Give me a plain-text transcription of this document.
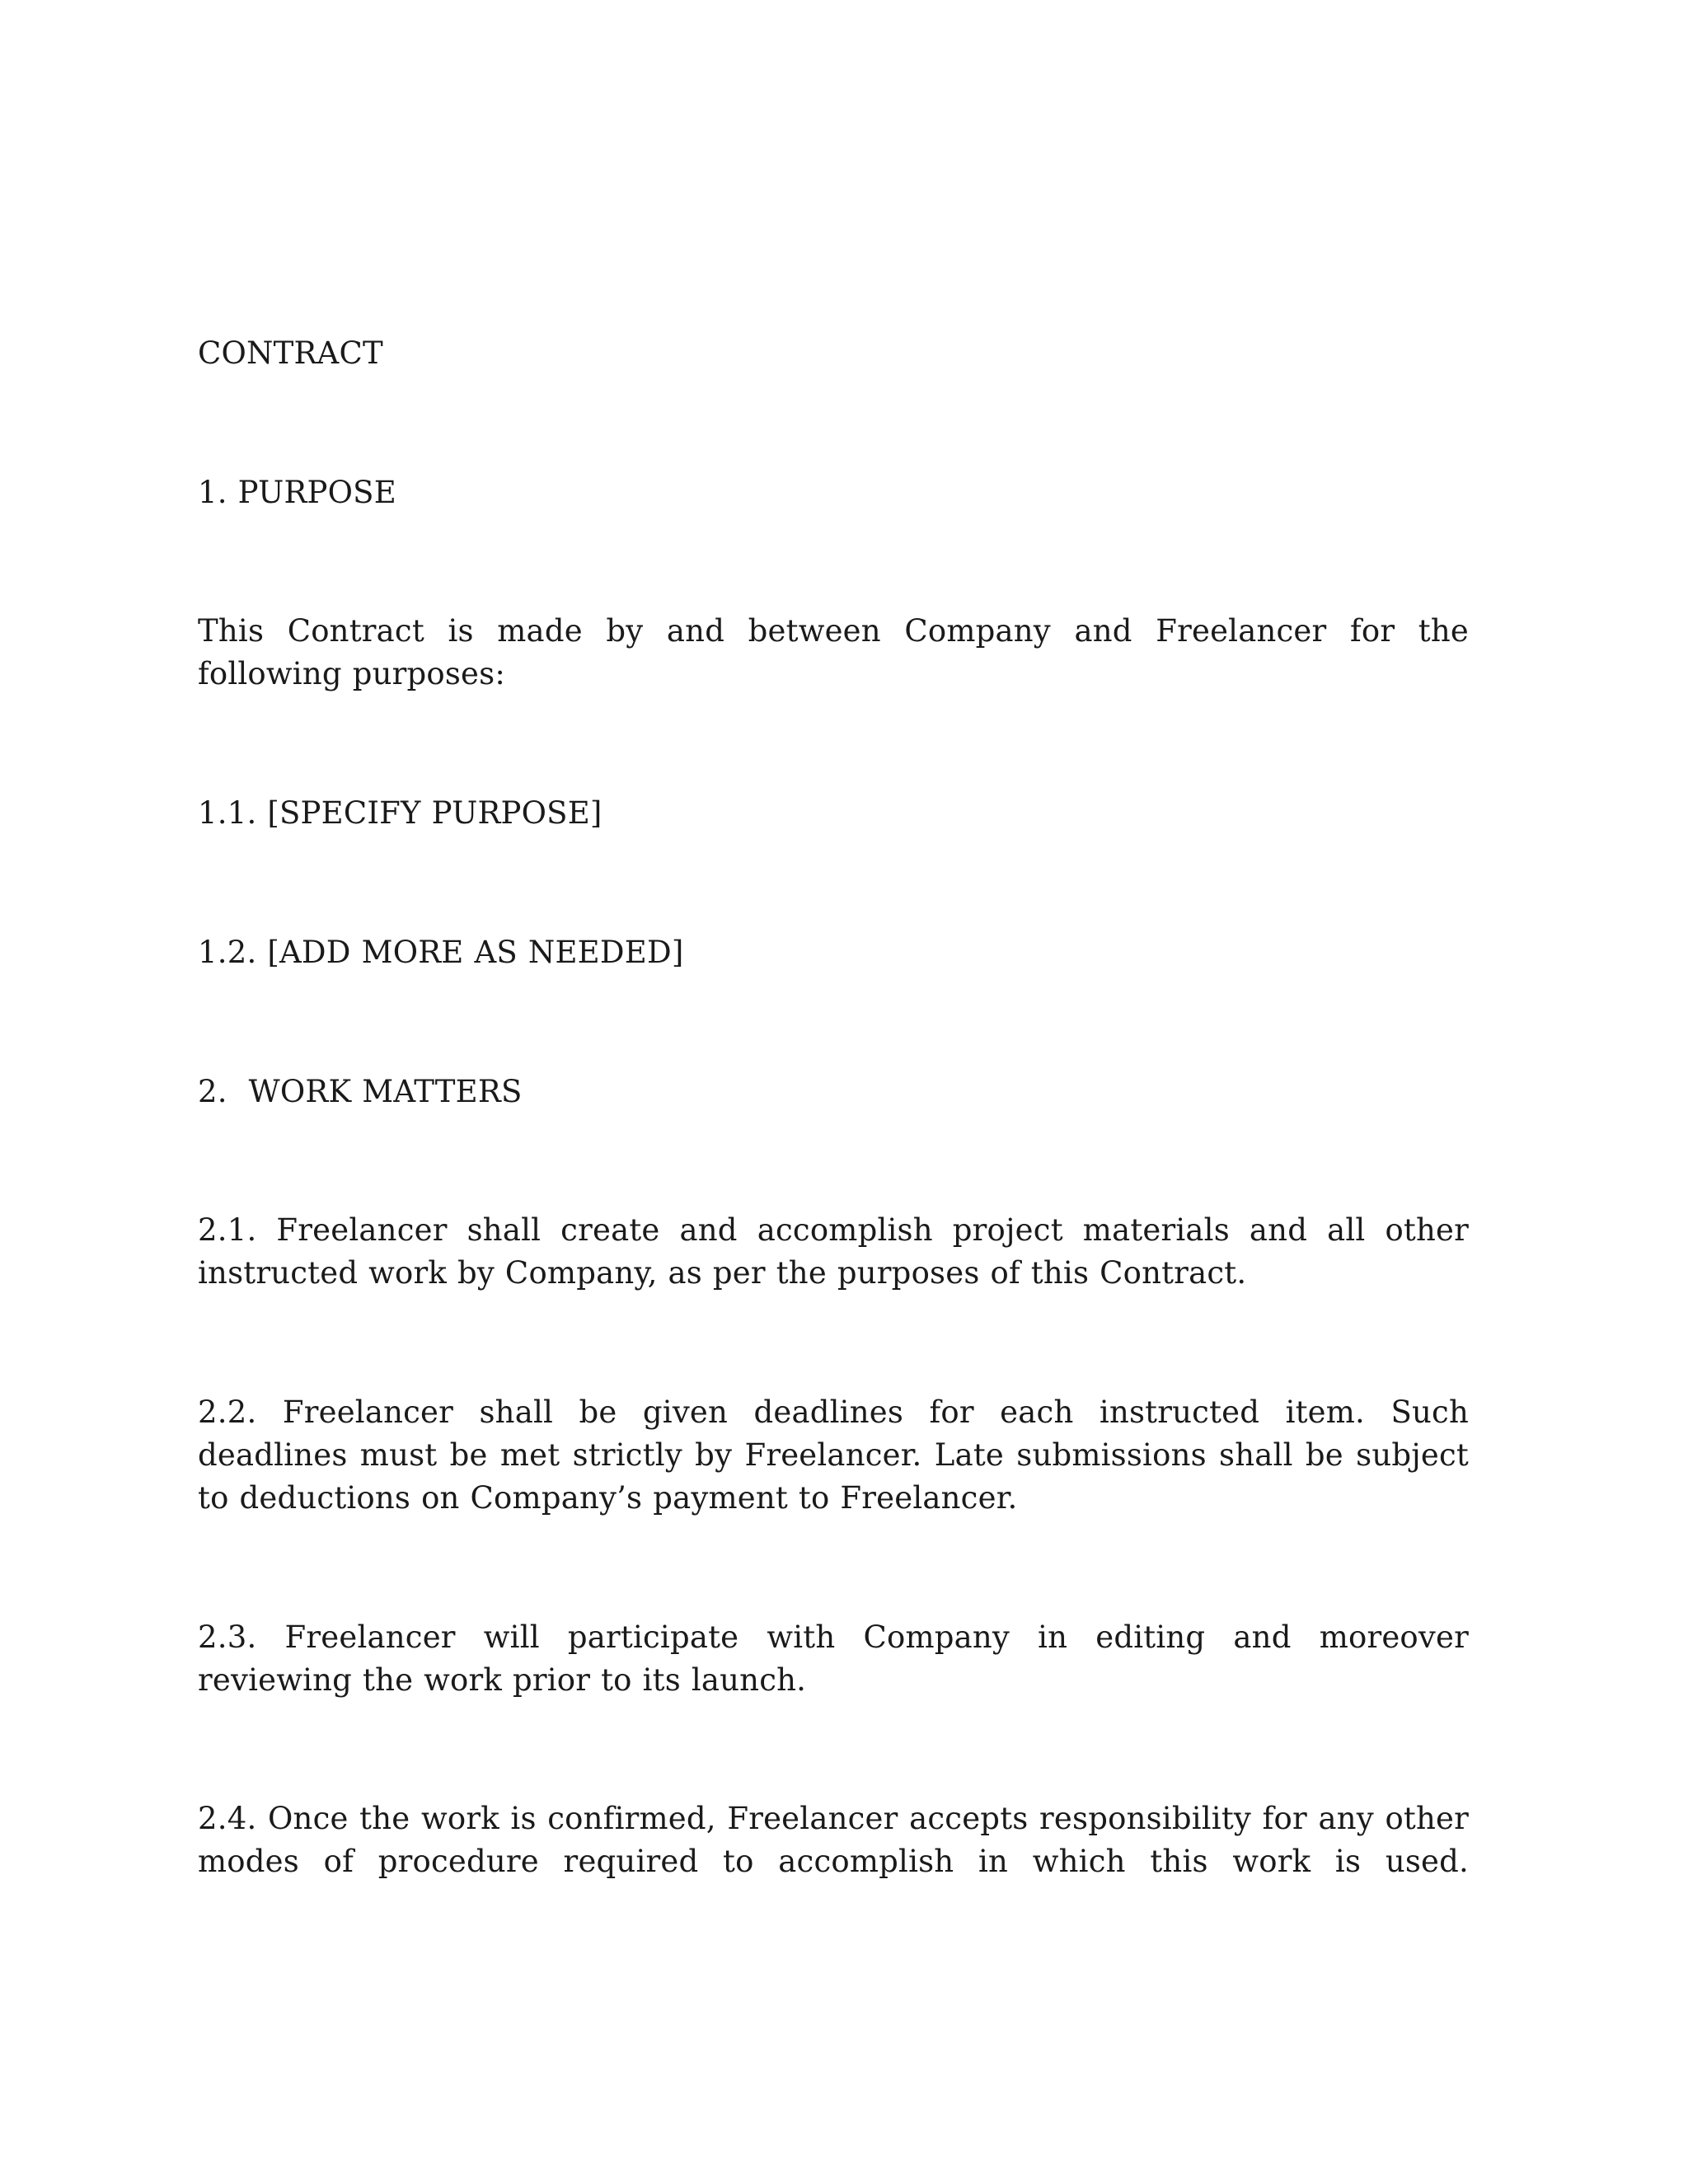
CONTRACT

1. PURPOSE

This Contract is made by and between Company and Freelancer for the following purposes:

1.1. [SPECIFY PURPOSE]

1.2. [ADD MORE AS NEEDED]

2.  WORK MATTERS

2.1. Freelancer shall create and accomplish project materials and all other instructed work by Company, as per the purposes of this Contract.

2.2. Freelancer shall be given deadlines for each instructed item. Such deadlines must be met strictly by Freelancer. Late submissions shall be subject to deductions on Company’s payment to Freelancer.

2.3. Freelancer will participate with Company in editing and moreover reviewing the work prior to its launch.

2.4. Once the work is confirmed, Freelancer accepts responsibility for any other modes of procedure required to accomplish in which this work is used.
